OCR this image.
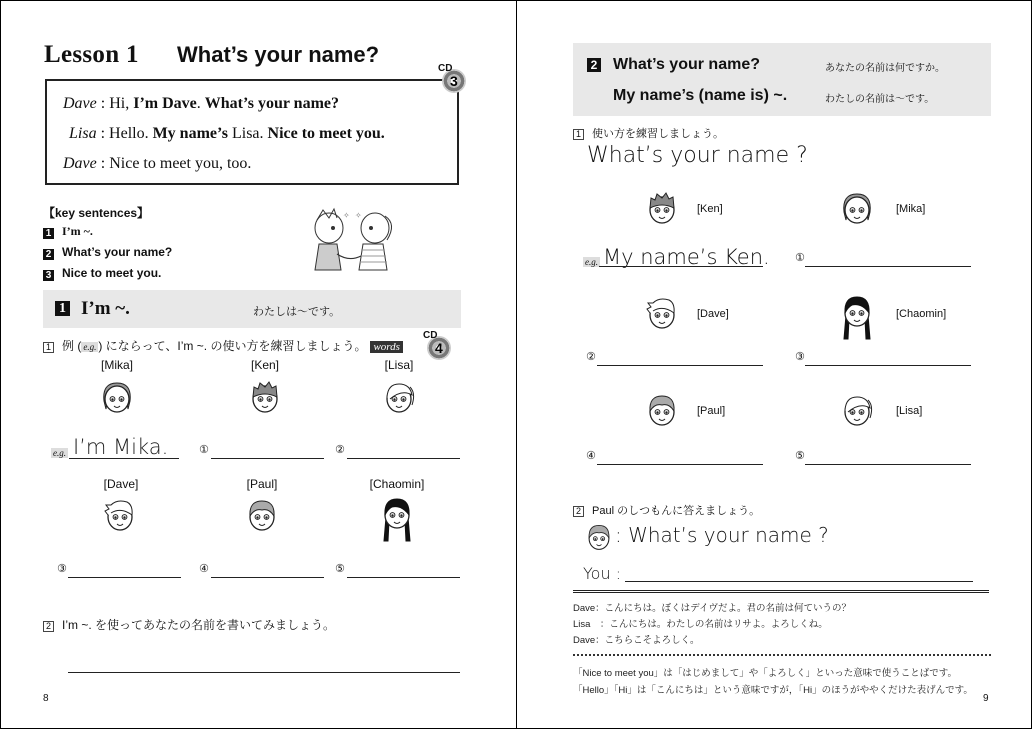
Lesson 1 What’s your name?
Dave : Hi, I’m Dave. What’s your name?
Lisa : Hello. My name’s Lisa. Nice to meet you.
Dave : Nice to meet you, too.
CD
3
【key sentences】
1 I’m ~.
2 What’s your name?
3 Nice to meet you.
✧ ✧
1 I’m ~.	わたしは〜です。
1 例 ( e.g. ) にならって、I’m ~. の使い方を練習しましょう。 words
CD
4
[Mika]	[Ken]	[Lisa]
e.g. I’m Mika.	①	②
[Dave]	[Paul]	[Chaomin]
③	④	⑤
2 I’m ~. を使ってあなたの名前を書いてみましょう。
8
2 What’s your name?	あなたの名前は何ですか。
My name’s (name is) ~.	わたしの名前は〜です。
1 使い方を練習しましょう。
What’s your name ?
[Ken]	[Mika]
e.g. My name’s Ken. ①
[Dave]	[Chaomin]
②	③
[Paul]	[Lisa]
④	⑤
2 Paul のしつもんに答えましょう。
: What’s your name ?
You :
Dave：こんにちは。ぼくはデイヴだよ。君の名前は何ていうの？
Lisa　：こんにちは。わたしの名前はリサよ。よろしくね。
Dave：こちらこそよろしく。
「Nice to meet you」は「はじめまして」や「よろしく」といった意味で使うことばです。
「Hello」「Hi」は「こんにちは」という意味ですが，「Hi」のほうがややくだけた表げんです。
9
